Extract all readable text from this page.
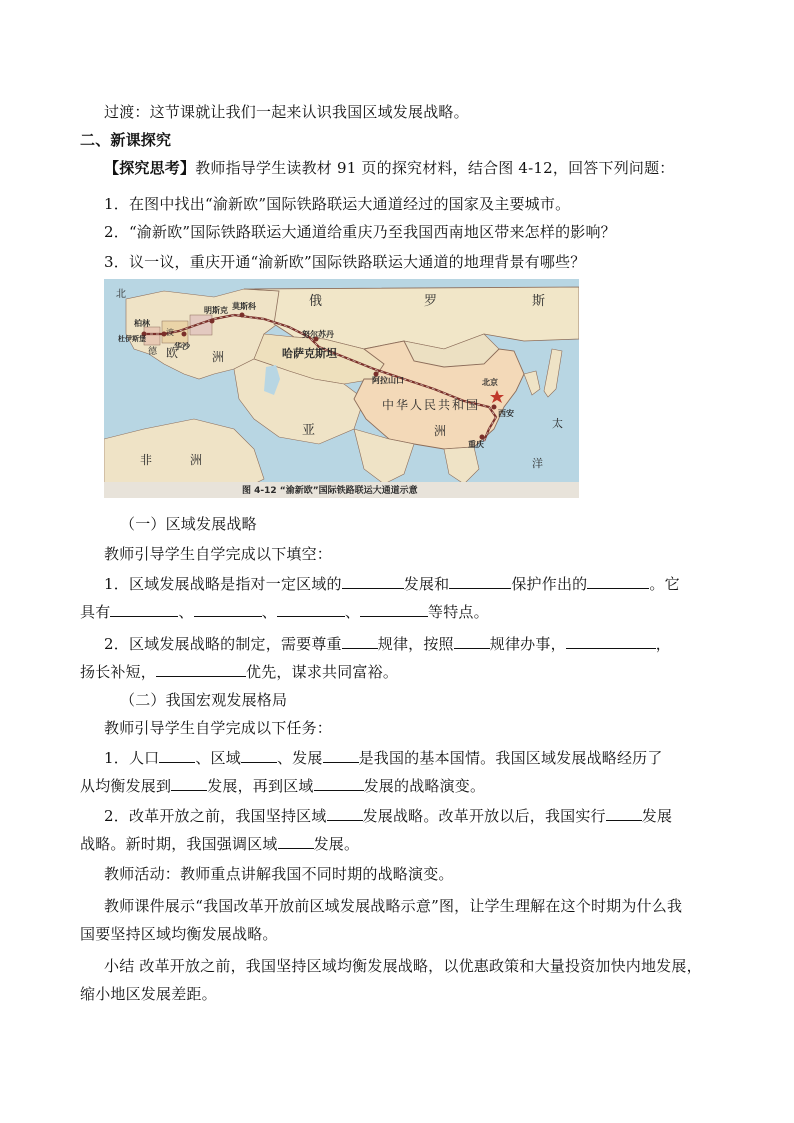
过渡：这节课就让我们一起来认识我国区域发展战略。
二、新课探究
【探究思考】教师指导学生读教材 91 页的探究材料，结合图 4-12，回答下列问题：
1．在图中找出“渝新欧”国际铁路联运大通道经过的国家及主要城市。
2．“渝新欧”国际铁路联运大通道给重庆乃至我国西南地区带来怎样的影响？
3．议一议，重庆开通“渝新欧”国际铁路联运大通道的地理背景有哪些？
北	俄	罗	斯
莫斯科
明斯克
柏林
华沙
杜伊斯堡
波
德 欧	洲	哈萨克斯坦
努尔苏丹
阿拉山口	北京
西安
重庆
中华人民共和国
亚	洲
非	洲
太
洋
图 4-12 “渝新欧”国际铁路联运大通道示意
（一）区域发展战略
教师引导学生自学完成以下填空：
1．区域发展战略是指对一定区域的	发展和	保护作出的	。它
具有	、	、	、	等特点。
2．区域发展战略的制定，需要尊重 规律，按照 规律办事，	，
扬长补短，	优先，谋求共同富裕。
（二）我国宏观发展格局
教师引导学生自学完成以下任务：
1．人口 、区域 、发展 是我国的基本国情。我国区域发展战略经历了
从均衡发展到 发展，再到区域	发展的战略演变。
2．改革开放之前，我国坚持区域 发展战略。改革开放以后，我国实行 发展
战略。新时期，我国强调区域 发展。
教师活动：教师重点讲解我国不同时期的战略演变。
教师课件展示“我国改革开放前区域发展战略示意”图，让学生理解在这个时期为什么我
国要坚持区域均衡发展战略。
小结 改革开放之前，我国坚持区域均衡发展战略，以优惠政策和大量投资加快内地发展，
缩小地区发展差距。
